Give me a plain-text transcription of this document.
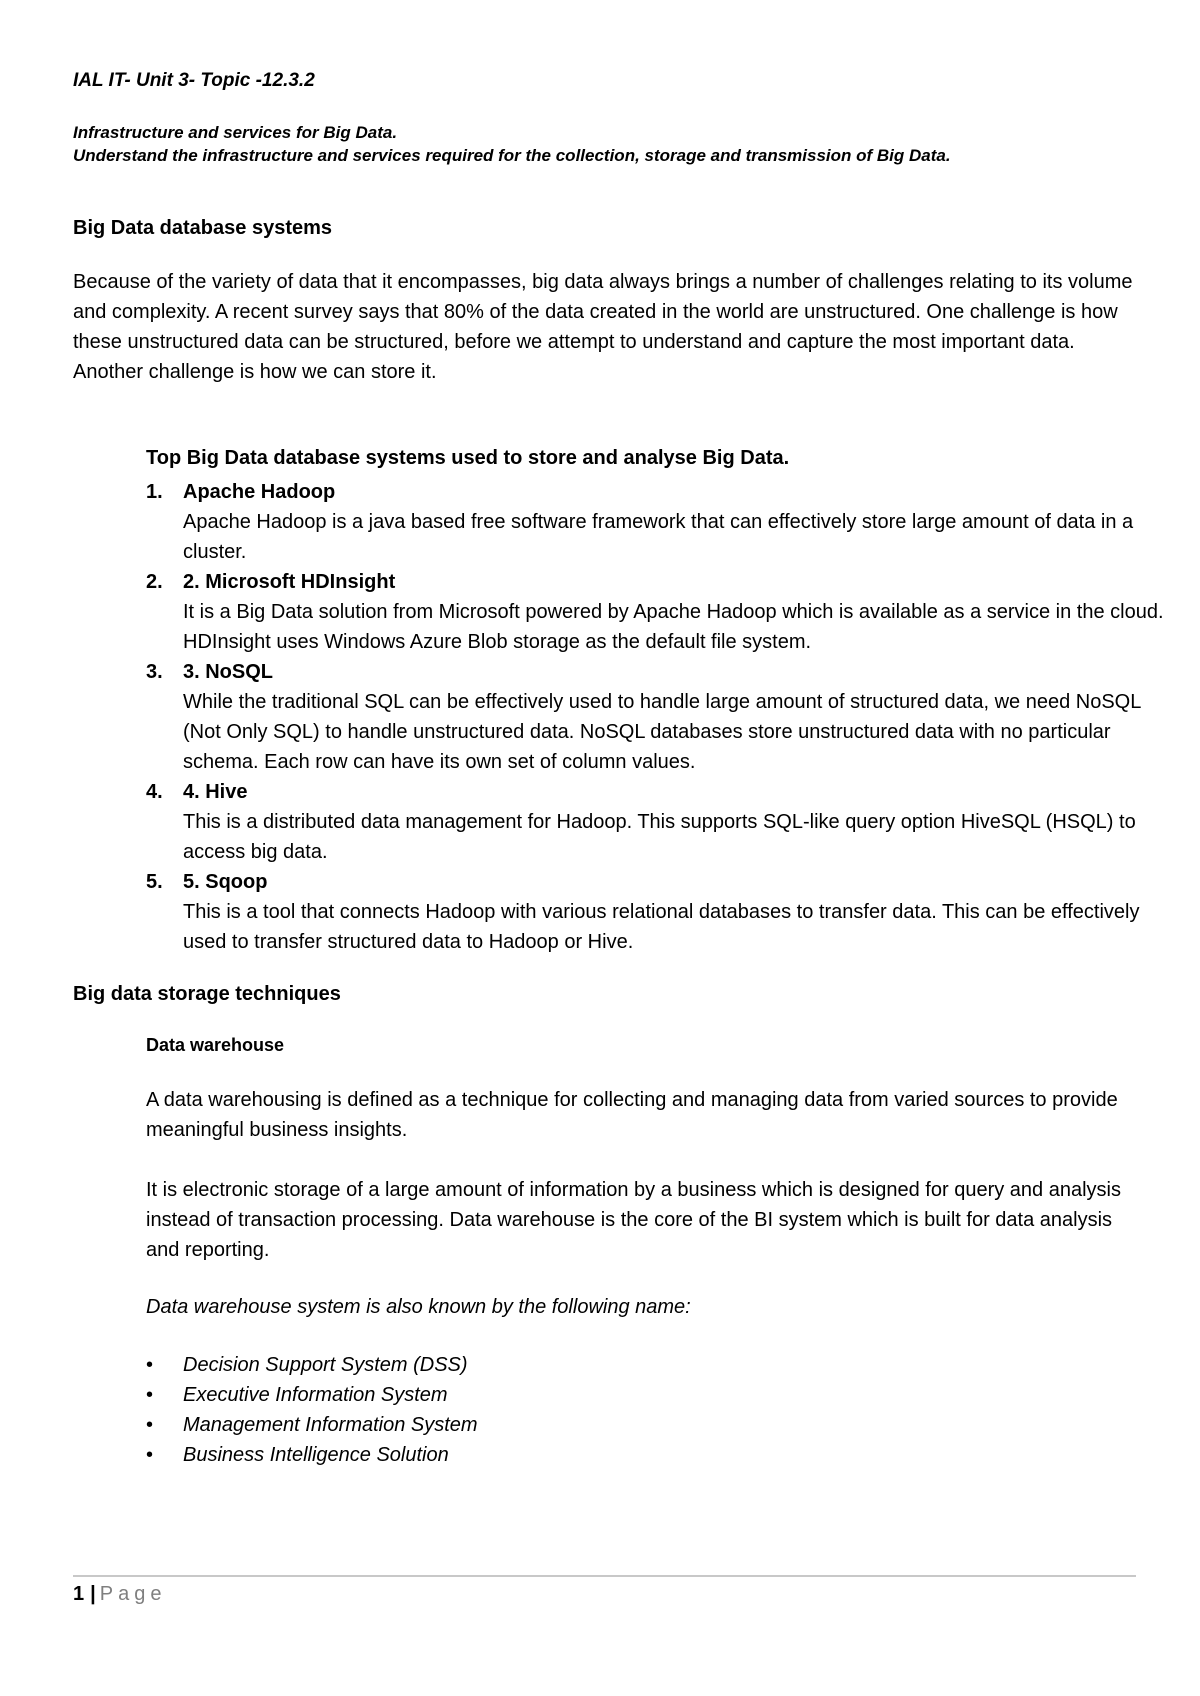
IAL IT- Unit 3- Topic -12.3.2
Infrastructure and services for Big Data.
Understand the infrastructure and services required for the collection, storage and transmission of Big Data.
Big Data database systems
Because of the variety of data that it encompasses, big data always brings a number of challenges relating to its volume and complexity. A recent survey says that 80% of the data created in the world are unstructured. One challenge is how these unstructured data can be structured, before we attempt to understand and capture the most important data. Another challenge is how we can store it.
Top Big Data database systems used to store and analyse Big Data.
1. Apache Hadoop
Apache Hadoop is a java based free software framework that can effectively store large amount of data in a cluster.
2. 2. Microsoft HDInsight
It is a Big Data solution from Microsoft powered by Apache Hadoop which is available as a service in the cloud. HDInsight uses Windows Azure Blob storage as the default file system.
3. 3. NoSQL
While the traditional SQL can be effectively used to handle large amount of structured data, we need NoSQL (Not Only SQL) to handle unstructured data. NoSQL databases store unstructured data with no particular schema. Each row can have its own set of column values.
4. 4. Hive
This is a distributed data management for Hadoop. This supports SQL-like query option HiveSQL (HSQL) to access big data.
5. 5. Sqoop
This is a tool that connects Hadoop with various relational databases to transfer data. This can be effectively used to transfer structured data to Hadoop or Hive.
Big data storage techniques
Data warehouse
A data warehousing is defined as a technique for collecting and managing data from varied sources to provide meaningful business insights.
It is electronic storage of a large amount of information by a business which is designed for query and analysis instead of transaction processing. Data warehouse is the core of the BI system which is built for data analysis and reporting.
Data warehouse system is also known by the following name:
• Decision Support System (DSS)
• Executive Information System
• Management Information System
• Business Intelligence Solution
1 | Page
